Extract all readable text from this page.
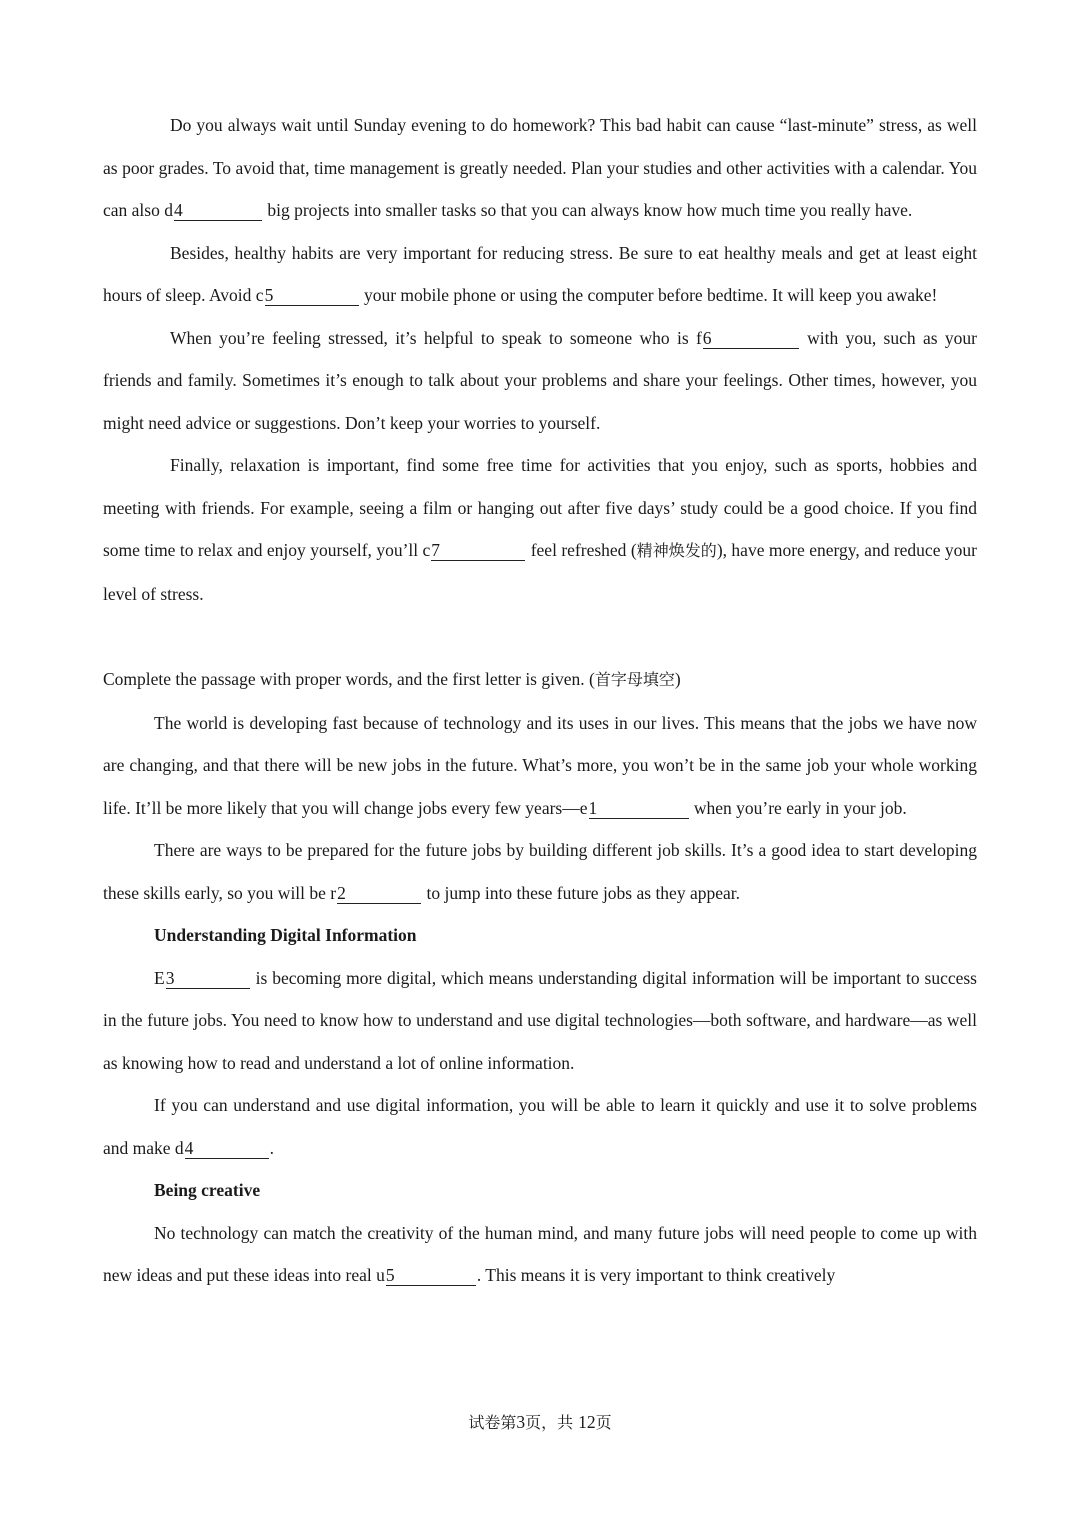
Do you always wait until Sunday evening to do homework? This bad habit can cause “last-minute” stress, as well as poor grades. To avoid that, time management is greatly needed. Plan your studies and other activities with a calendar. You can also d4	big projects into smaller tasks so that you can always know how much time you really have.

Besides, healthy habits are very important for reducing stress. Be sure to eat healthy meals and get at least eight hours of sleep. Avoid c5	your mobile phone or using the computer before bedtime. It will keep you awake!

When you’re feeling stressed, it’s helpful to speak to someone who is f6	with you, such as your friends and family. Sometimes it’s enough to talk about your problems and share your feelings. Other times, however, you might need advice or suggestions. Don’t keep your worries to yourself.

Finally, relaxation is important, find some free time for activities that you enjoy, such as sports, hobbies and meeting with friends. For example, seeing a film or hanging out after five days’ study could be a good choice. If you find some time to relax and enjoy yourself, you’ll c7	feel refreshed (精神焕发的), have more energy, and reduce your level of stress.

Complete the passage with proper words, and the first letter is given. (首字母填空)

The world is developing fast because of technology and its uses in our lives. This means that the jobs we have now are changing, and that there will be new jobs in the future. What’s more, you won’t be in the same job your whole working life. It’ll be more likely that you will change jobs every few years—e1	when you’re early in your job.

There are ways to be prepared for the future jobs by building different job skills. It’s a good idea to start developing these skills early, so you will be r2	to jump into these future jobs as they appear.

Understanding Digital Information

E3	is becoming more digital, which means understanding digital information will be important to success in the future jobs. You need to know how to understand and use digital technologies—both software, and hardware—as well as knowing how to read and understand a lot of online information.

If you can understand and use digital information, you will be able to learn it quickly and use it to solve problems and make d4	.

Being creative

No technology can match the creativity of the human mind, and many future jobs will need people to come up with new ideas and put these ideas into real u5	. This means it is very important to think creatively

试卷第3页，共 12页
